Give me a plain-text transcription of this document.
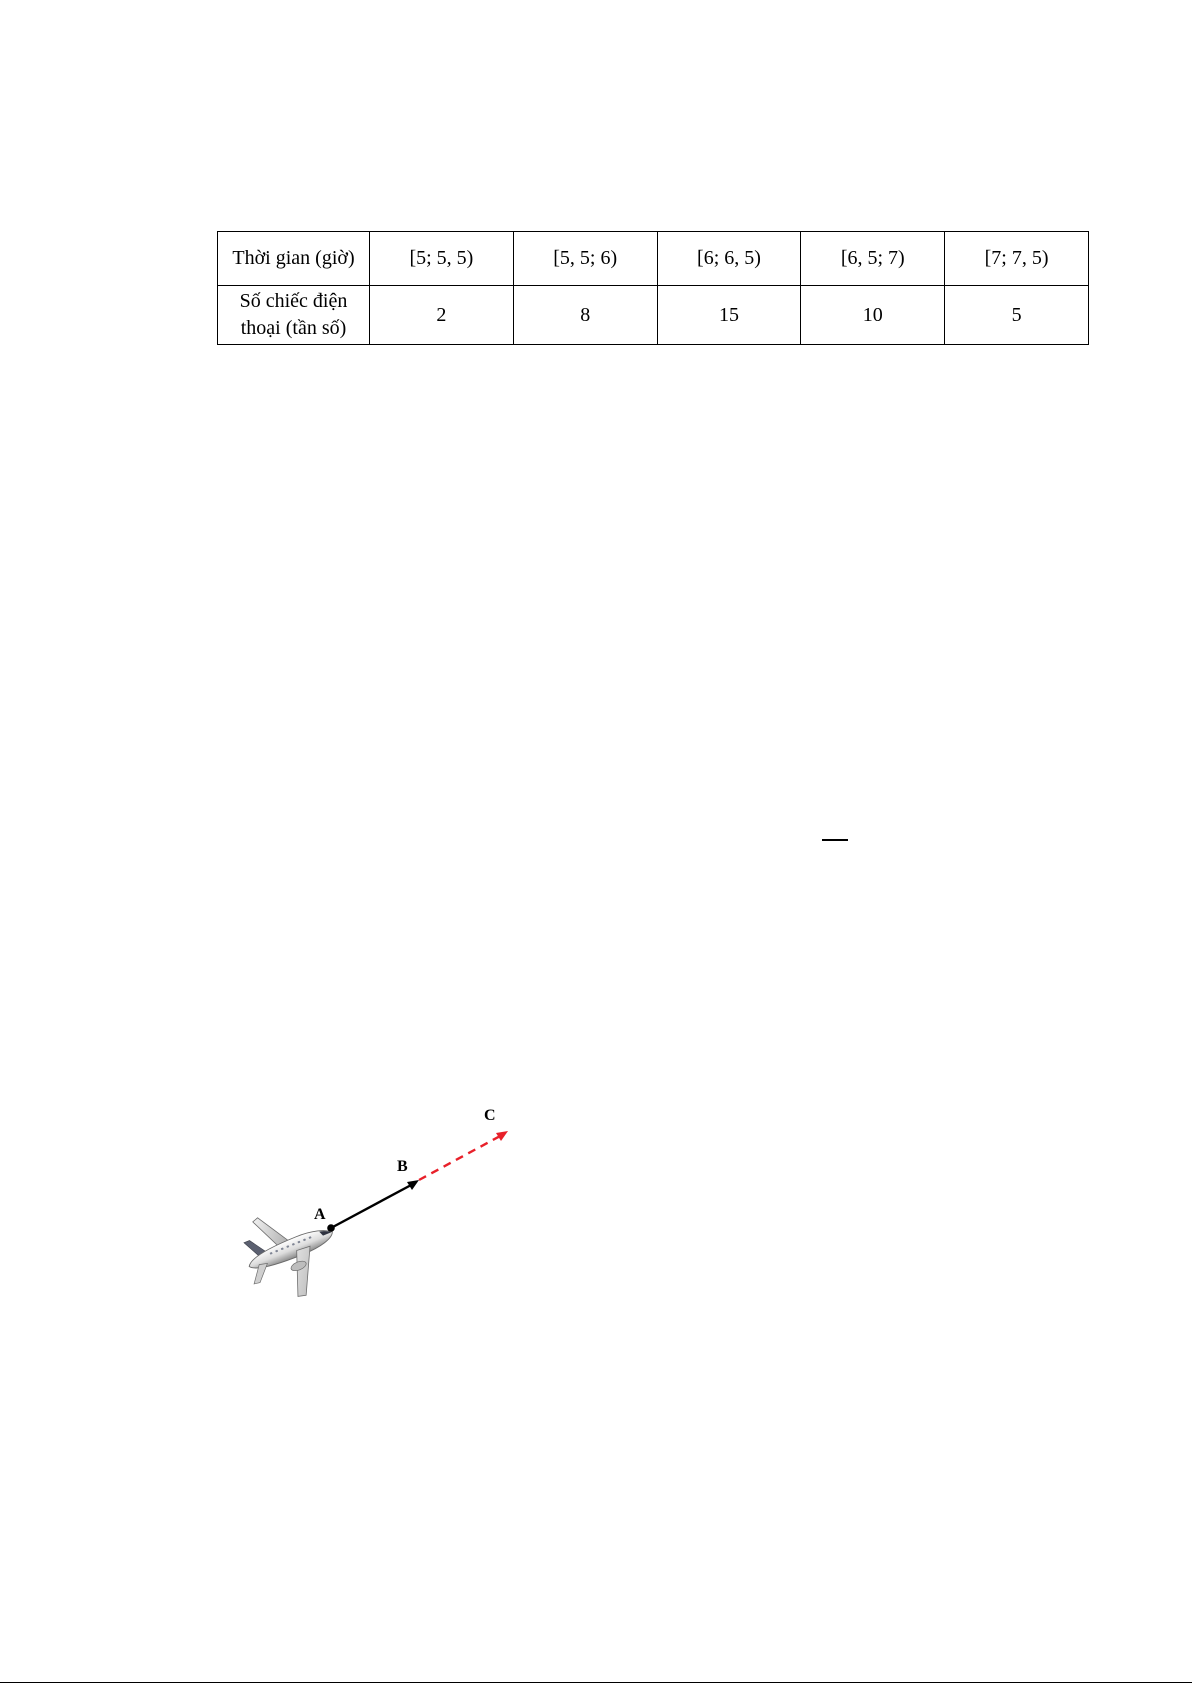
Thời gian (giờ)	[5; 5, 5)	[5, 5; 6)	[6; 6, 5)	[6, 5; 7)	[7; 7, 5)

Số chiếc điện
thoại (tần số)	2	8	15	10	5
A
B
C
